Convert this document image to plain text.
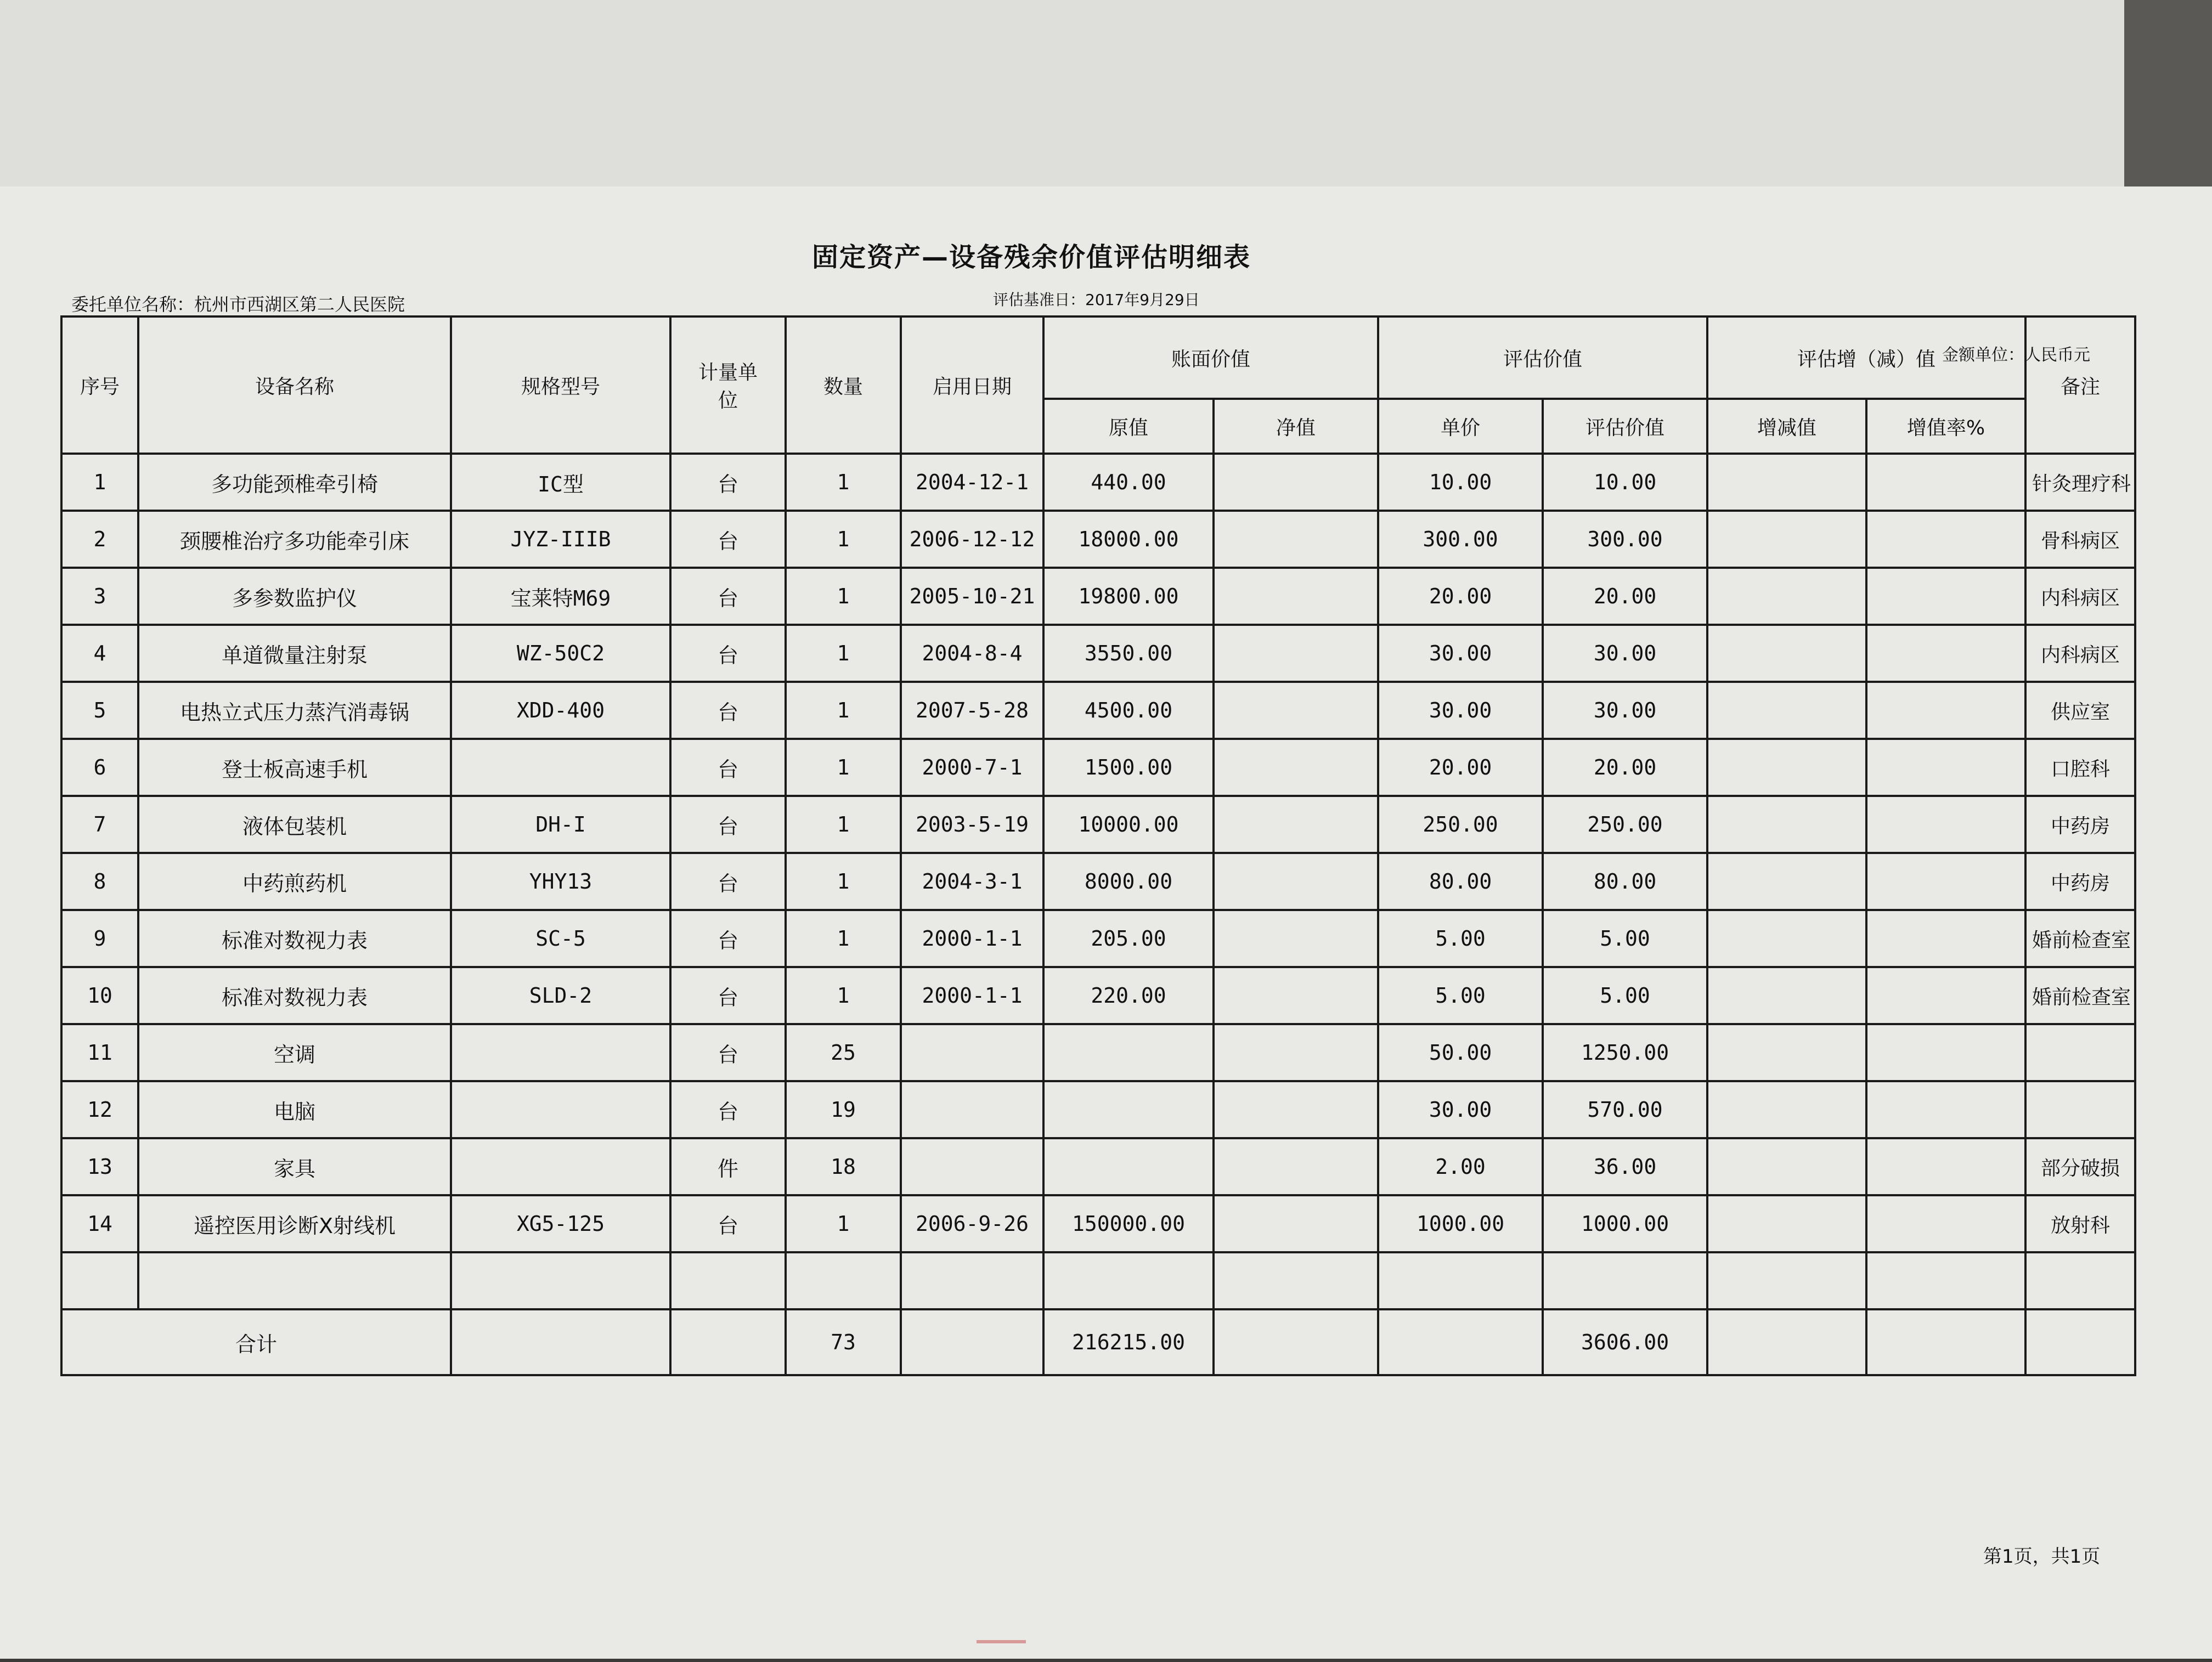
固定资产—设备残余价值评估明细表
评估基准日：2017年9月29日
委托单位名称：杭州市西湖区第二人民医院
金额单位：人民币元
序号	设备名称	规格型号	计量单位	数量	启用日期	账面价值		评估价值		评估增（减）值		备注
						原值	净值	单价	评估价值	增减值	增值率%	
1	多功能颈椎牵引椅	IC型	台	1	2004-12-1	440.00		10.00	10.00			针灸理疗科
2	颈腰椎治疗多功能牵引床	JYZ-IIIB	台	1	2006-12-12	18000.00		300.00	300.00			骨科病区
3	多参数监护仪	宝莱特M69	台	1	2005-10-21	19800.00		20.00	20.00			内科病区
4	单道微量注射泵	WZ-50C2	台	1	2004-8-4	3550.00		30.00	30.00			内科病区
5	电热立式压力蒸汽消毒锅	XDD-400	台	1	2007-5-28	4500.00		30.00	30.00			供应室
6	登士板高速手机		台	1	2000-7-1	1500.00		20.00	20.00			口腔科
7	液体包装机	DH-I	台	1	2003-5-19	10000.00		250.00	250.00			中药房
8	中药煎药机	YHY13	台	1	2004-3-1	8000.00		80.00	80.00			中药房
9	标准对数视力表	SC-5	台	1	2000-1-1	205.00		5.00	5.00			婚前检查室
10	标准对数视力表	SLD-2	台	1	2000-1-1	220.00		5.00	5.00			婚前检查室
11	空调		台	25				50.00	1250.00			
12	电脑		台	19				30.00	570.00			
13	家具		件	18				2.00	36.00			部分破损
14	遥控医用诊断X射线机	XG5-125	台	1	2006-9-26	150000.00		1000.00	1000.00			放射科

合计				73		216215.00			3606.00			
第1页，共1页
